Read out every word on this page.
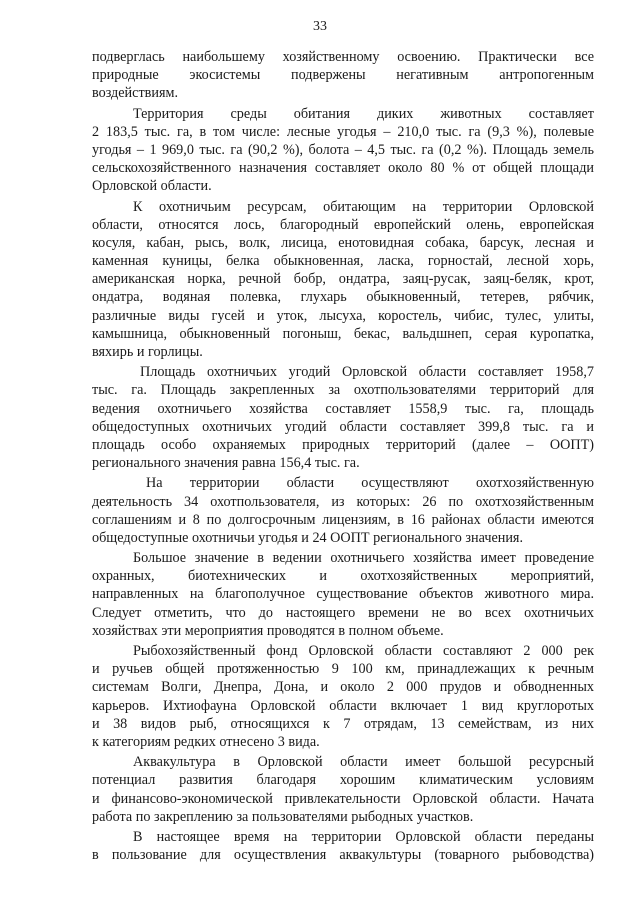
33
подверглась наибольшему хозяйственному освоению. Практически все
природные экосистемы подвержены негативным антропогенным
воздействиям.
Территория среды обитания диких животных составляет
2 183,5 тыс. га, в том числе: лесные угодья – 210,0 тыс. га (9,3 %), полевые
угодья – 1 969,0 тыс. га (90,2 %), болота – 4,5 тыс. га (0,2 %). Площадь земель
сельскохозяйственного назначения составляет около 80 % от общей площади
Орловской области.
К охотничьим ресурсам, обитающим на территории Орловской
области, относятся лось, благородный европейский олень, европейская
косуля, кабан, рысь, волк, лисица, енотовидная собака, барсук, лесная и
каменная куницы, белка обыкновенная, ласка, горностай, лесной хорь,
американская норка, речной бобр, ондатра, заяц-русак, заяц-беляк, крот,
ондатра, водяная полевка, глухарь обыкновенный, тетерев, рябчик,
различные виды гусей и уток, лысуха, коростель, чибис, тулес, улиты,
камышница, обыкновенный погоныш, бекас, вальдшнеп, серая куропатка,
вяхирь и горлицы.
Площадь охотничьих угодий Орловской области составляет 1958,7
тыс. га. Площадь закрепленных за охотпользователями территорий для
ведения охотничьего хозяйства составляет 1558,9 тыс. га, площадь
общедоступных охотничьих угодий области составляет 399,8 тыс. га и
площадь особо охраняемых природных территорий (далее – ООПТ)
регионального значения равна 156,4 тыс. га.
На территории области осуществляют охотхозяйственную
деятельность 34 охотпользователя, из которых: 26 по охотхозяйственным
соглашениям и 8 по долгосрочным лицензиям, в 16 районах области имеются
общедоступные охотничьи угодья и 24 ООПТ регионального значения.
Большое значение в ведении охотничьего хозяйства имеет проведение
охранных, биотехнических и охотхозяйственных мероприятий,
направленных на благополучное существование объектов животного мира.
Следует отметить, что до настоящего времени не во всех охотничьих
хозяйствах эти мероприятия проводятся в полном объеме.
Рыбохозяйственный фонд Орловской области составляют 2 000 рек
и ручьев общей протяженностью 9 100 км, принадлежащих к речным
системам Волги, Днепра, Дона, и около 2 000 прудов и обводненных
карьеров. Ихтиофауна Орловской области включает 1 вид круглоротых
и 38 видов рыб, относящихся к 7 отрядам, 13 семействам, из них
к категориям редких отнесено 3 вида.
Аквакультура в Орловской области имеет большой ресурсный
потенциал развития благодаря хорошим климатическим условиям
и финансово-экономической привлекательности Орловской области. Начата
работа по закреплению за пользователями рыбодных участков.
В настоящее время на территории Орловской области переданы
в пользование для осуществления аквакультуры (товарного рыбоводства)
